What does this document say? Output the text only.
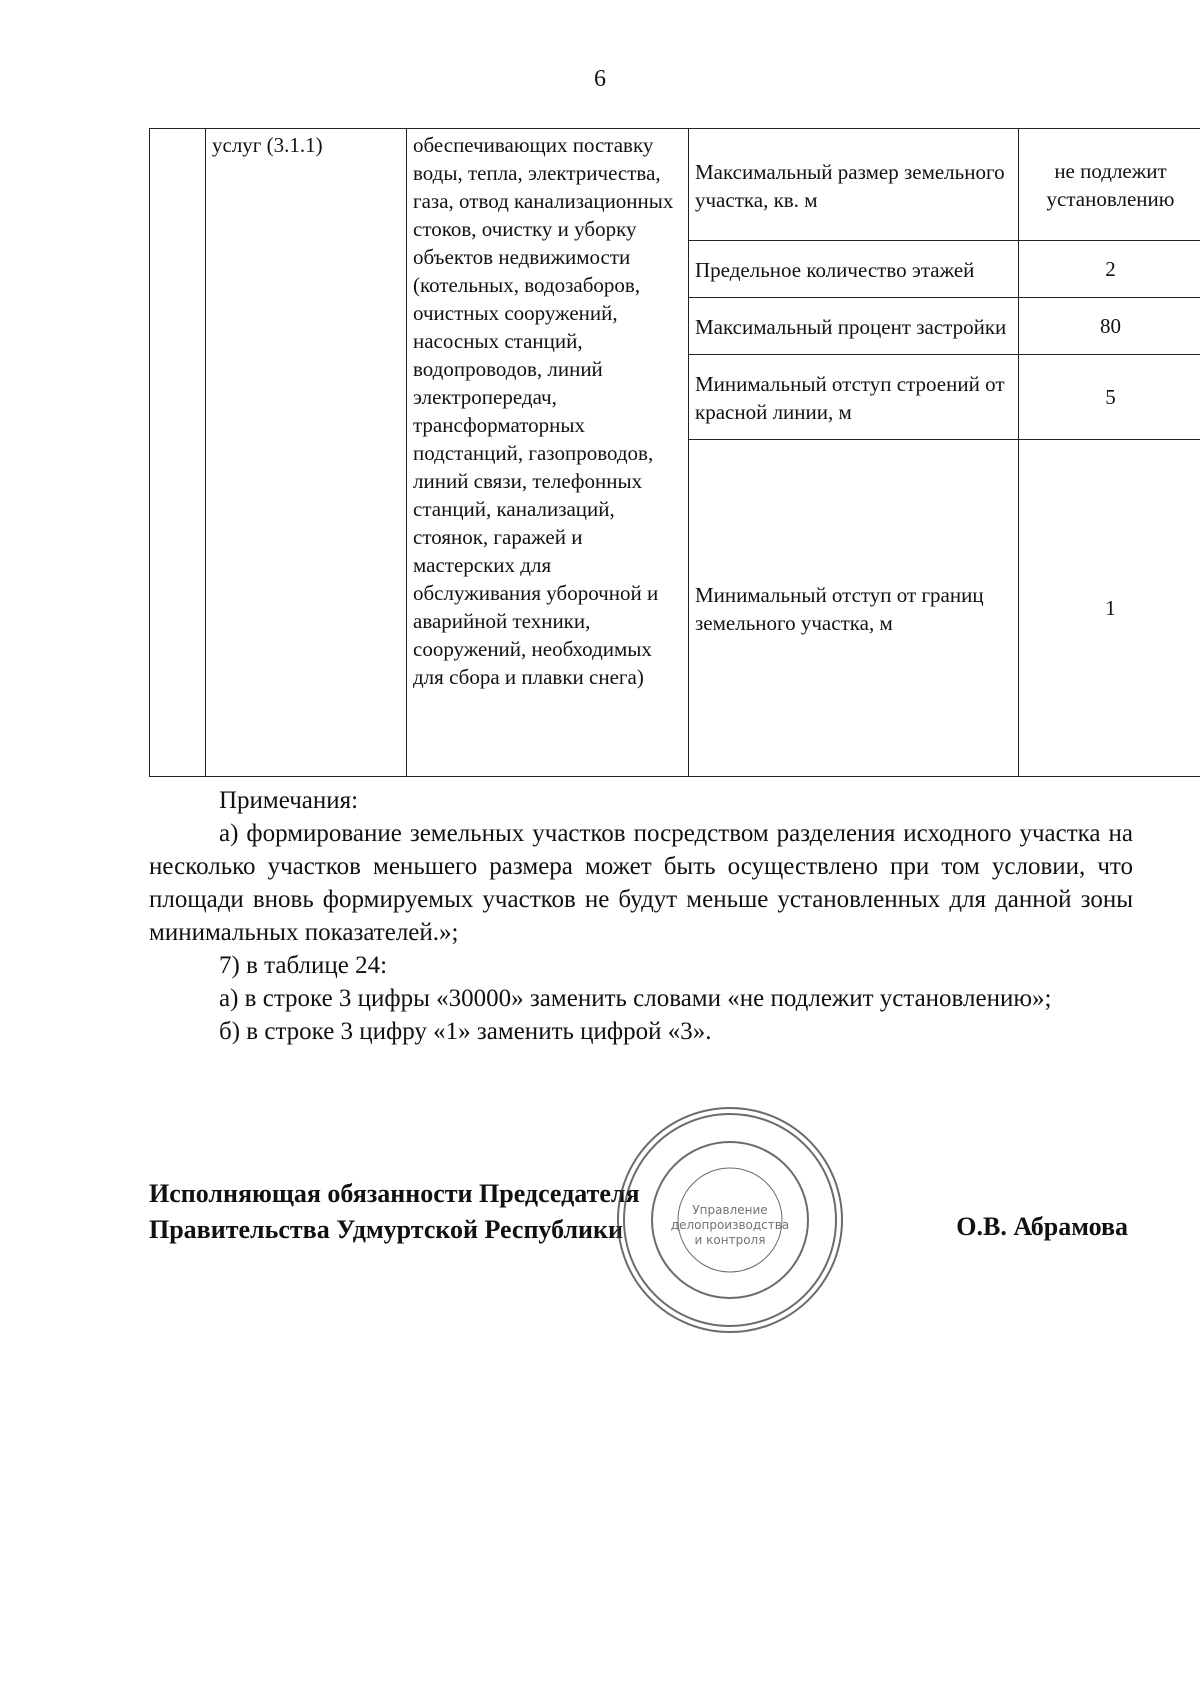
6
	услуг (3.1.1)	обеспечивающих поставку воды, тепла, электричества, газа, отвод канализационных стоков, очистку и уборку объектов недвижимости (котельных, водозаборов, очистных сооружений, насосных станций, водопроводов, линий электропередач, трансформаторных подстанций, газопроводов, линий связи, телефонных станций, канализаций, стоянок, гаражей и мастерских для обслуживания уборочной и аварийной техники, сооружений, необходимых для сбора и плавки снега)	Максимальный размер земельного участка, кв. м	не подлежит установлению
			Предельное количество этажей	2
			Максимальный процент застройки	80
			Минимальный отступ строений от красной линии, м	5
			Минимальный отступ от границ земельного участка, м	1

Примечания:

а) формирование земельных участков посредством разделения исходного участка на несколько участков меньшего размера может быть осуществлено при том условии, что площади вновь формируемых участков не будут меньше установленных для данной зоны минимальных показателей.»;

7) в таблице 24:

а) в строке 3 цифры «30000» заменить словами «не подлежит установлению»;

б) в строке 3 цифру «1» заменить цифрой «3».

Исполняющая обязанности Председателя
Правительства Удмуртской Республики	О.В. Абрамова
Управление
делопроизводства
и контроля
